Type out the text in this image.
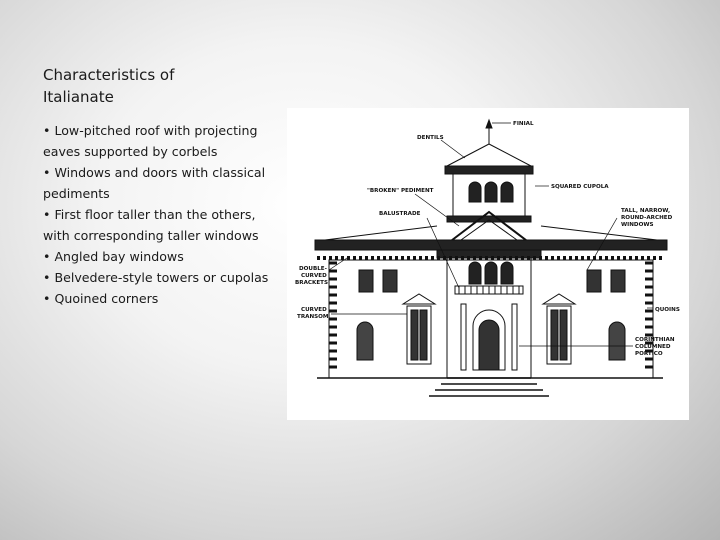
Characteristics of
Italianate
• Low-pitched roof with projecting eaves supported by corbels
• Windows and doors with classical pediments
• First floor taller than the others, with corresponding taller windows
• Angled bay windows
• Belvedere-style towers or cupolas
• Quoined corners
FINIAL
DENTILS
"BROKEN" PEDIMENT
SQUARED CUPOLA
BALUSTRADE	TALL, NARROW,
ROUND-ARCHED
WINDOWS
DOUBLE-
CURVED
BRACKETS
CURVED
TRANSOM
QUOINS
CORINTHIAN
COLUMNED
PORTICO
